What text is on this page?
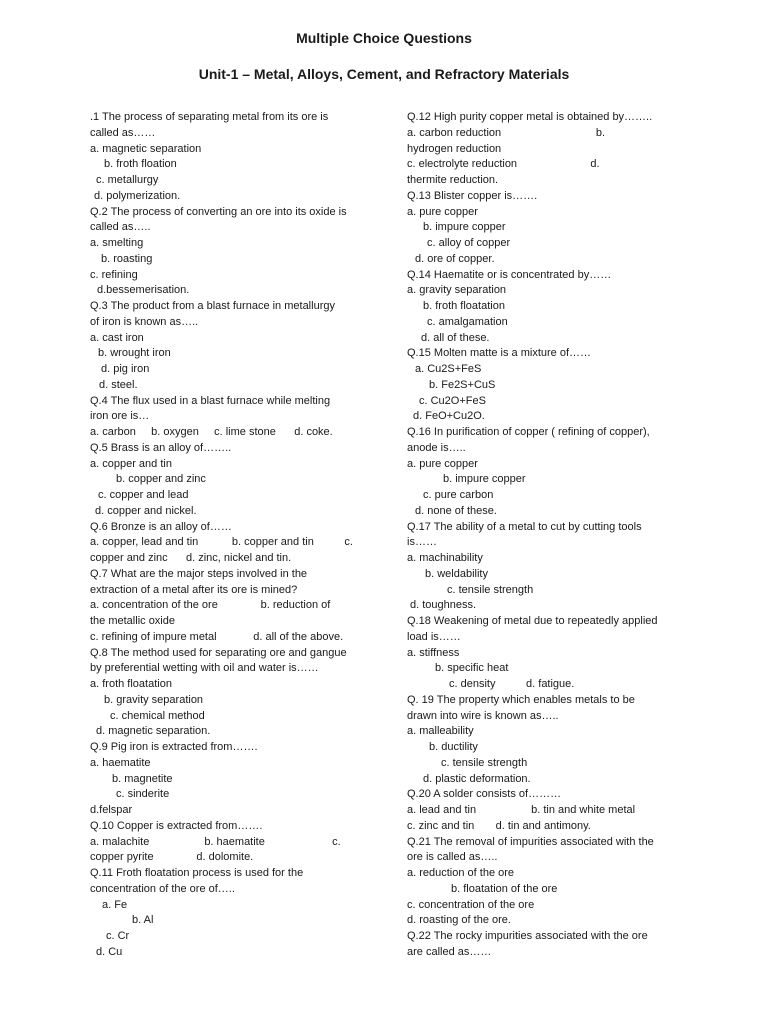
Multiple Choice Questions
Unit-1 – Metal, Alloys, Cement, and Refractory Materials
.1 The process of separating metal from its ore is
called as……
a. magnetic separation
b. froth floation
c. metallurgy
d. polymerization.
Q.2 The process of converting an ore into its oxide is
called as…..
a. smelting
b. roasting
c. refining
d.bessemerisation.
Q.3 The product from a blast furnace in metallurgy
of iron is known as…..
a. cast iron
b. wrought iron
d. pig iron
d. steel.
Q.4 The flux used in a blast furnace while melting
iron ore is…
a. carbon     b. oxygen     c. lime stone      d. coke.
Q.5 Brass is an alloy of……..
a. copper and tin
b. copper and zinc
c. copper and lead
d. copper and nickel.
Q.6 Bronze is an alloy of……
a. copper, lead and tin           b. copper and tin          c.
copper and zinc      d. zinc, nickel and tin.
Q.7 What are the major steps involved in the
extraction of a metal after its ore is mined?
a. concentration of the ore              b. reduction of
the metallic oxide
c. refining of impure metal            d. all of the above.
Q.8 The method used for separating ore and gangue
by preferential wetting with oil and water is……
a. froth floatation
b. gravity separation
c. chemical method
d. magnetic separation.
Q.9 Pig iron is extracted from…….
a. haematite
b. magnetite
c. sinderite
d.felspar
Q.10 Copper is extracted from…….
a. malachite                  b. haematite                      c.
copper pyrite              d. dolomite.
Q.11 Froth floatation process is used for the
concentration of the ore of…..
a. Fe
b. Al
c. Cr
d. Cu
Q.12 High purity copper metal is obtained by……..
a. carbon reduction                               b.
hydrogen reduction
c. electrolyte reduction                        d.
thermite reduction.
Q.13 Blister copper is…….
a. pure copper
b. impure copper
c. alloy of copper
d. ore of copper.
Q.14 Haematite or is concentrated by……
a. gravity separation
b. froth floatation
c. amalgamation
d. all of these.
Q.15 Molten matte is a mixture of……
a. Cu2S+FeS
b. Fe2S+CuS
c. Cu2O+FeS
d. FeO+Cu2O.
Q.16 In purification of copper ( refining of copper),
anode is…..
a. pure copper
b. impure copper
c. pure carbon
d. none of these.
Q.17 The ability of a metal to cut by cutting tools
is……
a. machinability
b. weldability
c. tensile strength
d. toughness.
Q.18 Weakening of metal due to repeatedly applied
load is……
a. stiffness
b. specific heat
c. density          d. fatigue.
Q. 19 The property which enables metals to be
drawn into wire is known as…..
a. malleability
b. ductility
c. tensile strength
d. plastic deformation.
Q.20 A solder consists of………
a. lead and tin                  b. tin and white metal
c. zinc and tin       d. tin and antimony.
Q.21 The removal of impurities associated with the
ore is called as…..
a. reduction of the ore
b. floatation of the ore
c. concentration of the ore
d. roasting of the ore.
Q.22 The rocky impurities associated with the ore
are called as……
